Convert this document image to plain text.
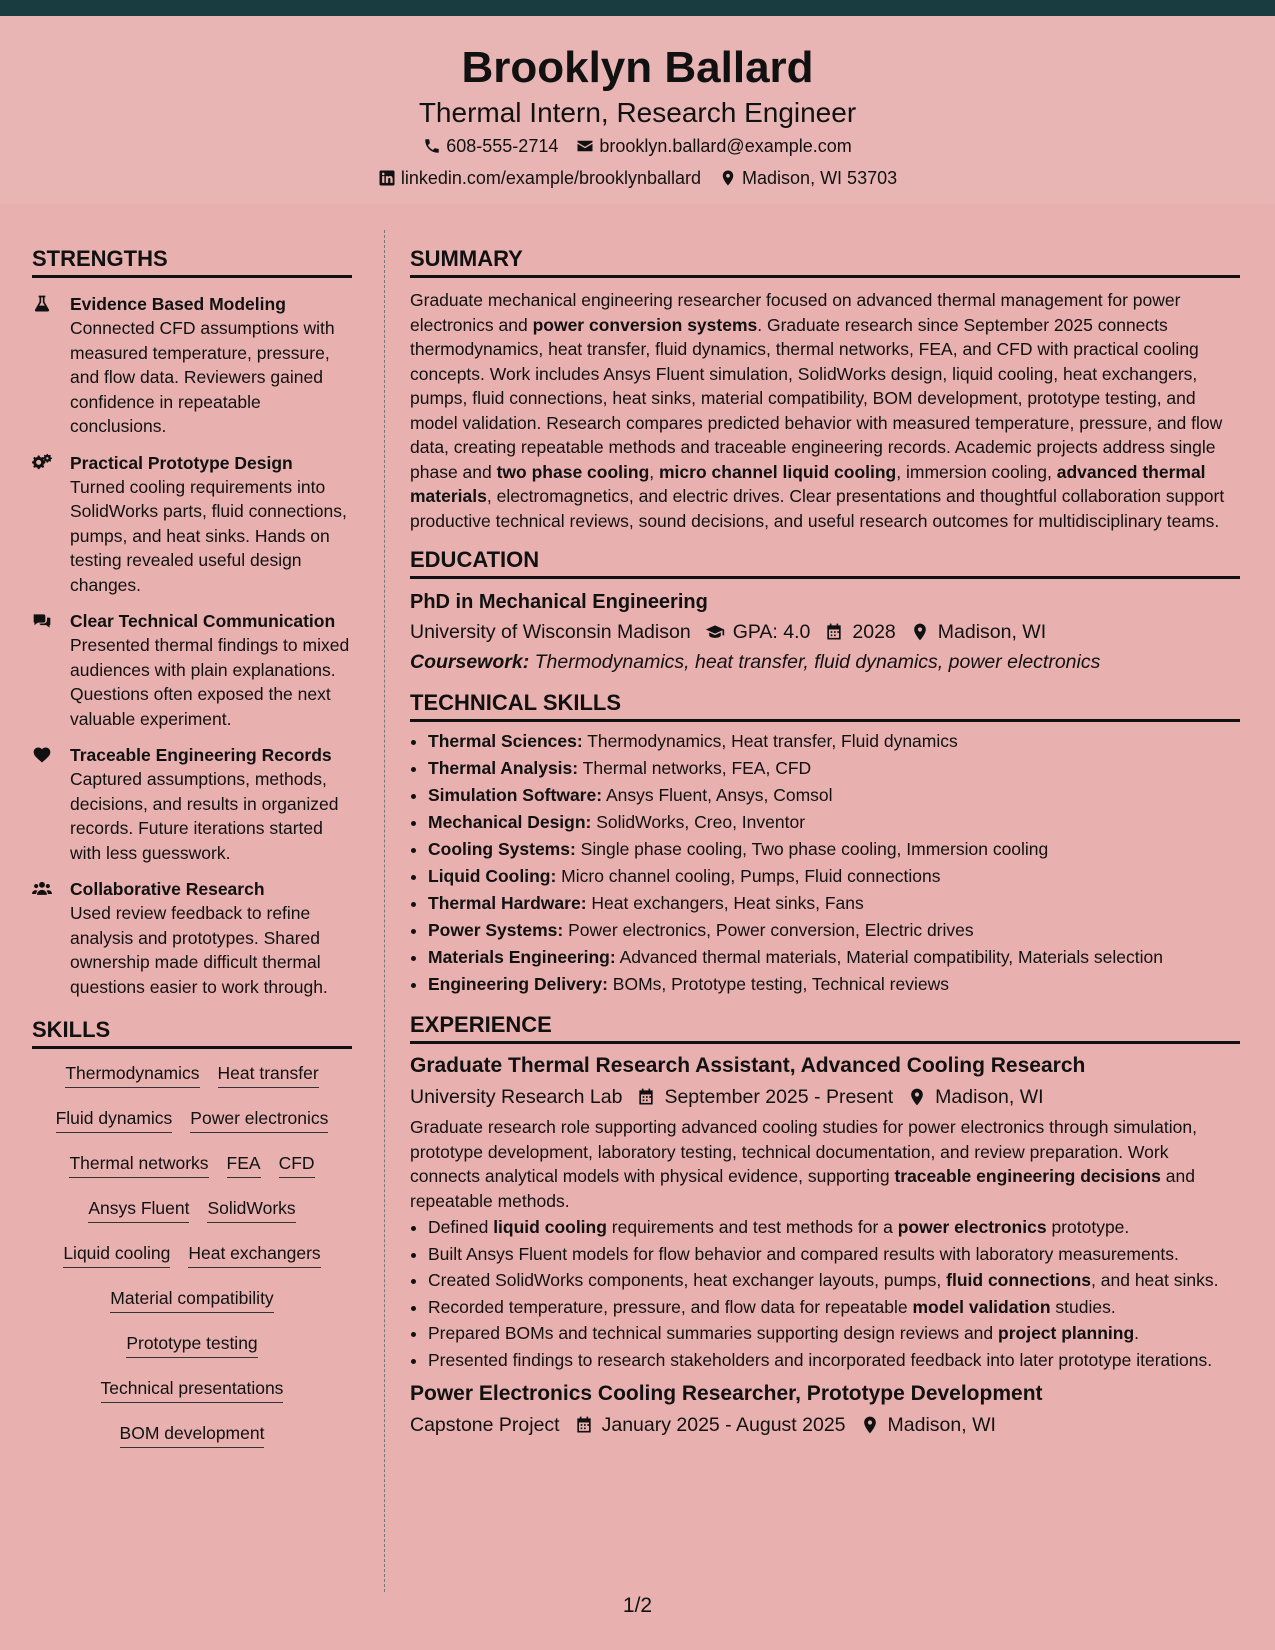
Brooklyn Ballard
Thermal Intern, Research Engineer
608-555-2714 brooklyn.ballard@example.com
linkedin.com/example/brooklynballard Madison, WI 53703
STRENGTHS
Evidence Based Modeling
Connected CFD assumptions with measured temperature, pressure, and flow data. Reviewers gained confidence in repeatable conclusions.
Practical Prototype Design
Turned cooling requirements into SolidWorks parts, fluid connections, pumps, and heat sinks. Hands on testing revealed useful design changes.
Clear Technical Communication
Presented thermal findings to mixed audiences with plain explanations. Questions often exposed the next valuable experiment.
Traceable Engineering Records
Captured assumptions, methods, decisions, and results in organized records. Future iterations started with less guesswork.
Collaborative Research
Used review feedback to refine analysis and prototypes. Shared ownership made difficult thermal questions easier to work through.
SKILLS
Thermodynamics Heat transfer
Fluid dynamics Power electronics
Thermal networks FEA CFD
Ansys Fluent SolidWorks
Liquid cooling Heat exchangers
Material compatibility
Prototype testing
Technical presentations
BOM development
SUMMARY

Graduate mechanical engineering researcher focused on advanced thermal management for power electronics and power conversion systems. Graduate research since September 2025 connects thermodynamics, heat transfer, fluid dynamics, thermal networks, FEA, and CFD with practical cooling concepts. Work includes Ansys Fluent simulation, SolidWorks design, liquid cooling, heat exchangers, pumps, fluid connections, heat sinks, material compatibility, BOM development, prototype testing, and model validation. Research compares predicted behavior with measured temperature, pressure, and flow data, creating repeatable methods and traceable engineering records. Academic projects address single phase and two phase cooling, micro channel liquid cooling, immersion cooling, advanced thermal materials, electromagnetics, and electric drives. Clear presentations and thoughtful collaboration support productive technical reviews, sound decisions, and useful research outcomes for multidisciplinary teams.

EDUCATION
PhD in Mechanical Engineering
University of Wisconsin Madison GPA: 4.0 2028 Madison, WI
Coursework: Thermodynamics, heat transfer, fluid dynamics, power electronics
TECHNICAL SKILLS
• Thermal Sciences: Thermodynamics, Heat transfer, Fluid dynamics
• Thermal Analysis: Thermal networks, FEA, CFD
• Simulation Software: Ansys Fluent, Ansys, Comsol
• Mechanical Design: SolidWorks, Creo, Inventor
• Cooling Systems: Single phase cooling, Two phase cooling, Immersion cooling
• Liquid Cooling: Micro channel cooling, Pumps, Fluid connections
• Thermal Hardware: Heat exchangers, Heat sinks, Fans
• Power Systems: Power electronics, Power conversion, Electric drives
• Materials Engineering: Advanced thermal materials, Material compatibility, Materials selection
• Engineering Delivery: BOMs, Prototype testing, Technical reviews
EXPERIENCE
Graduate Thermal Research Assistant, Advanced Cooling Research
University Research Lab September 2025 - Present Madison, WI
Graduate research role supporting advanced cooling studies for power electronics through simulation, prototype development, laboratory testing, technical documentation, and review preparation. Work connects analytical models with physical evidence, supporting traceable engineering decisions and repeatable methods.
• Defined liquid cooling requirements and test methods for a power electronics prototype.
• Built Ansys Fluent models for flow behavior and compared results with laboratory measurements.
• Created SolidWorks components, heat exchanger layouts, pumps, fluid connections, and heat sinks.
• Recorded temperature, pressure, and flow data for repeatable model validation studies.
• Prepared BOMs and technical summaries supporting design reviews and project planning.
• Presented findings to research stakeholders and incorporated feedback into later prototype iterations.
Power Electronics Cooling Researcher, Prototype Development
Capstone Project January 2025 - August 2025 Madison, WI
1/2
